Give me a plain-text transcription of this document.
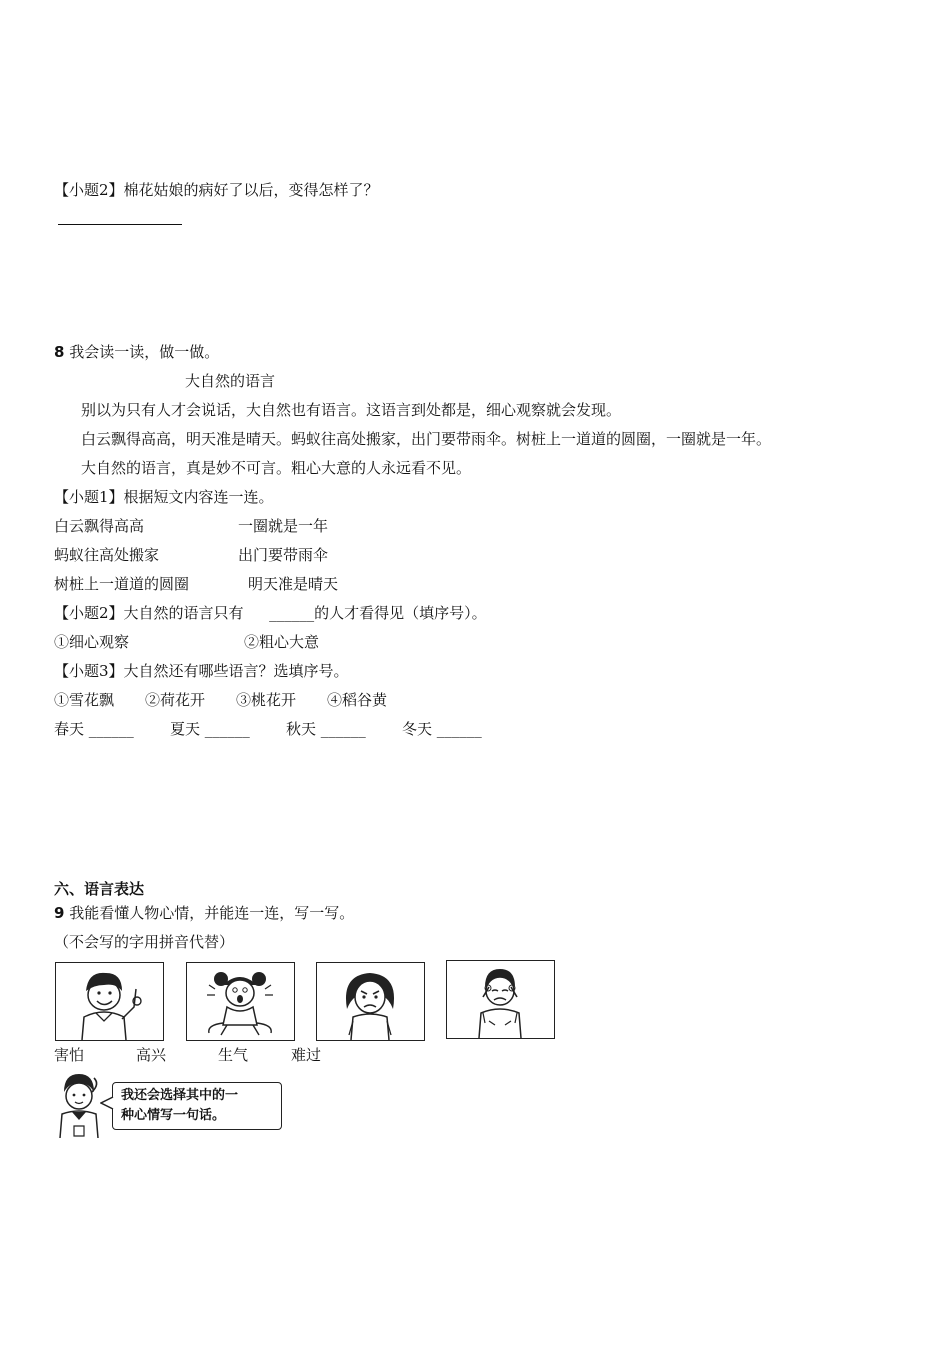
【小题2】棉花姑娘的病好了以后，变得怎样了？
8 我会读一读，做一做。
大自然的语言
别以为只有人才会说话，大自然也有语言。这语言到处都是，细心观察就会发现。
白云飘得高高，明天准是晴天。蚂蚁往高处搬家，出门要带雨伞。树桩上一道道的圆圈，一圈就是一年。
大自然的语言，真是妙不可言。粗心大意的人永远看不见。
【小题1】根据短文内容连一连。
白云飘得高高	一圈就是一年
蚂蚁往高处搬家	出门要带雨伞
树桩上一道道的圆圈	明天准是晴天
【小题2】大自然的语言只有 ______的人才看得见（填序号）。
①细心观察	②粗心大意
【小题3】大自然还有哪些语言？选填序号。
①雪花飘 ②荷花开 ③桃花开 ④稻谷黄
春天 ______ 夏天 ______ 秋天 ______ 冬天 ______
六、语言表达
9 我能看懂人物心情，并能连一连，写一写。
（不会写的字用拼音代替）
害怕	高兴	生气	难过
我还会选择其中的一
种心情写一句话。
